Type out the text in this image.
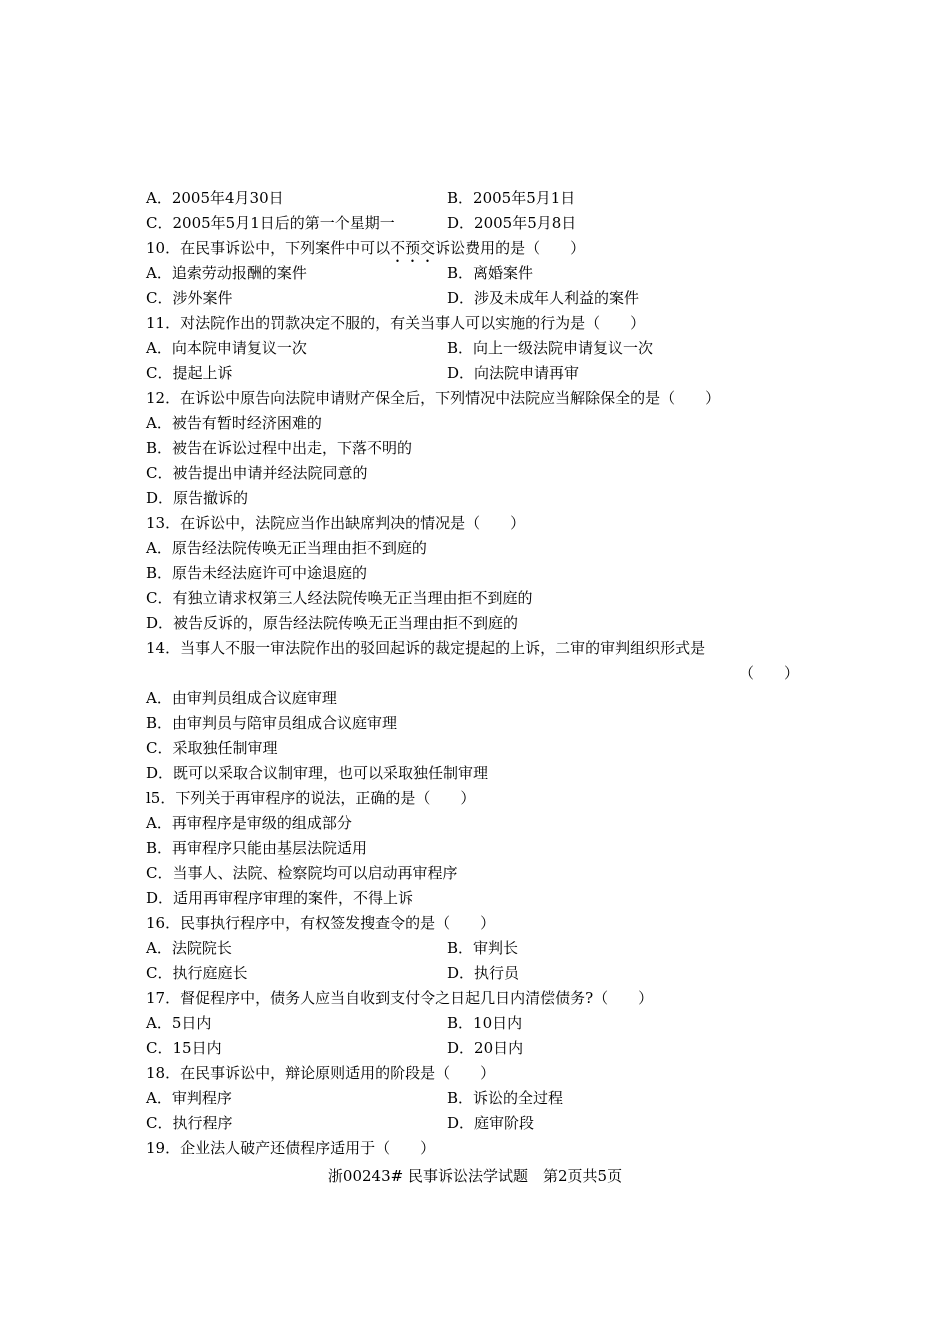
A．2005年4月30日	B．2005年5月1日
C．2005年5月1日后的第一个星期一	D．2005年5月8日
10．在民事诉讼中，下列案件中可以不预交诉讼费用的是（　　）
A．追索劳动报酬的案件	B．离婚案件
C．涉外案件	D．涉及未成年人利益的案件
11．对法院作出的罚款决定不服的，有关当事人可以实施的行为是（　　）
A．向本院申请复议一次	B．向上一级法院申请复议一次
C．提起上诉	D．向法院申请再审
12．在诉讼中原告向法院申请财产保全后，下列情况中法院应当解除保全的是（　　）
A．被告有暂时经济困难的
B．被告在诉讼过程中出走，下落不明的
C．被告提出申请并经法院同意的
D．原告撤诉的
13．在诉讼中，法院应当作出缺席判决的情况是（　　）
A．原告经法院传唤无正当理由拒不到庭的
B．原告未经法庭许可中途退庭的
C．有独立请求权第三人经法院传唤无正当理由拒不到庭的
D．被告反诉的，原告经法院传唤无正当理由拒不到庭的
14．当事人不服一审法院作出的驳回起诉的裁定提起的上诉，二审的审判组织形式是
（　　）
A．由审判员组成合议庭审理
B．由审判员与陪审员组成合议庭审理
C．采取独任制审理
D．既可以采取合议制审理，也可以采取独任制审理
l5．下列关于再审程序的说法，正确的是（　　）
A．再审程序是审级的组成部分
B．再审程序只能由基层法院适用
C．当事人、法院、检察院均可以启动再审程序
D．适用再审程序审理的案件，不得上诉
16．民事执行程序中，有权签发搜查令的是（　　）
A．法院院长	B．审判长
C．执行庭庭长	D．执行员
17．督促程序中，债务人应当自收到支付令之日起几日内清偿债务?（　　）
A．5日内	B．10日内
C．15日内	D．20日内
18．在民事诉讼中，辩论原则适用的阶段是（　　）
A．审判程序	B．诉讼的全过程
C．执行程序	D．庭审阶段
19．企业法人破产还债程序适用于（　　）
浙00243# 民事诉讼法学试题　第2页共5页
